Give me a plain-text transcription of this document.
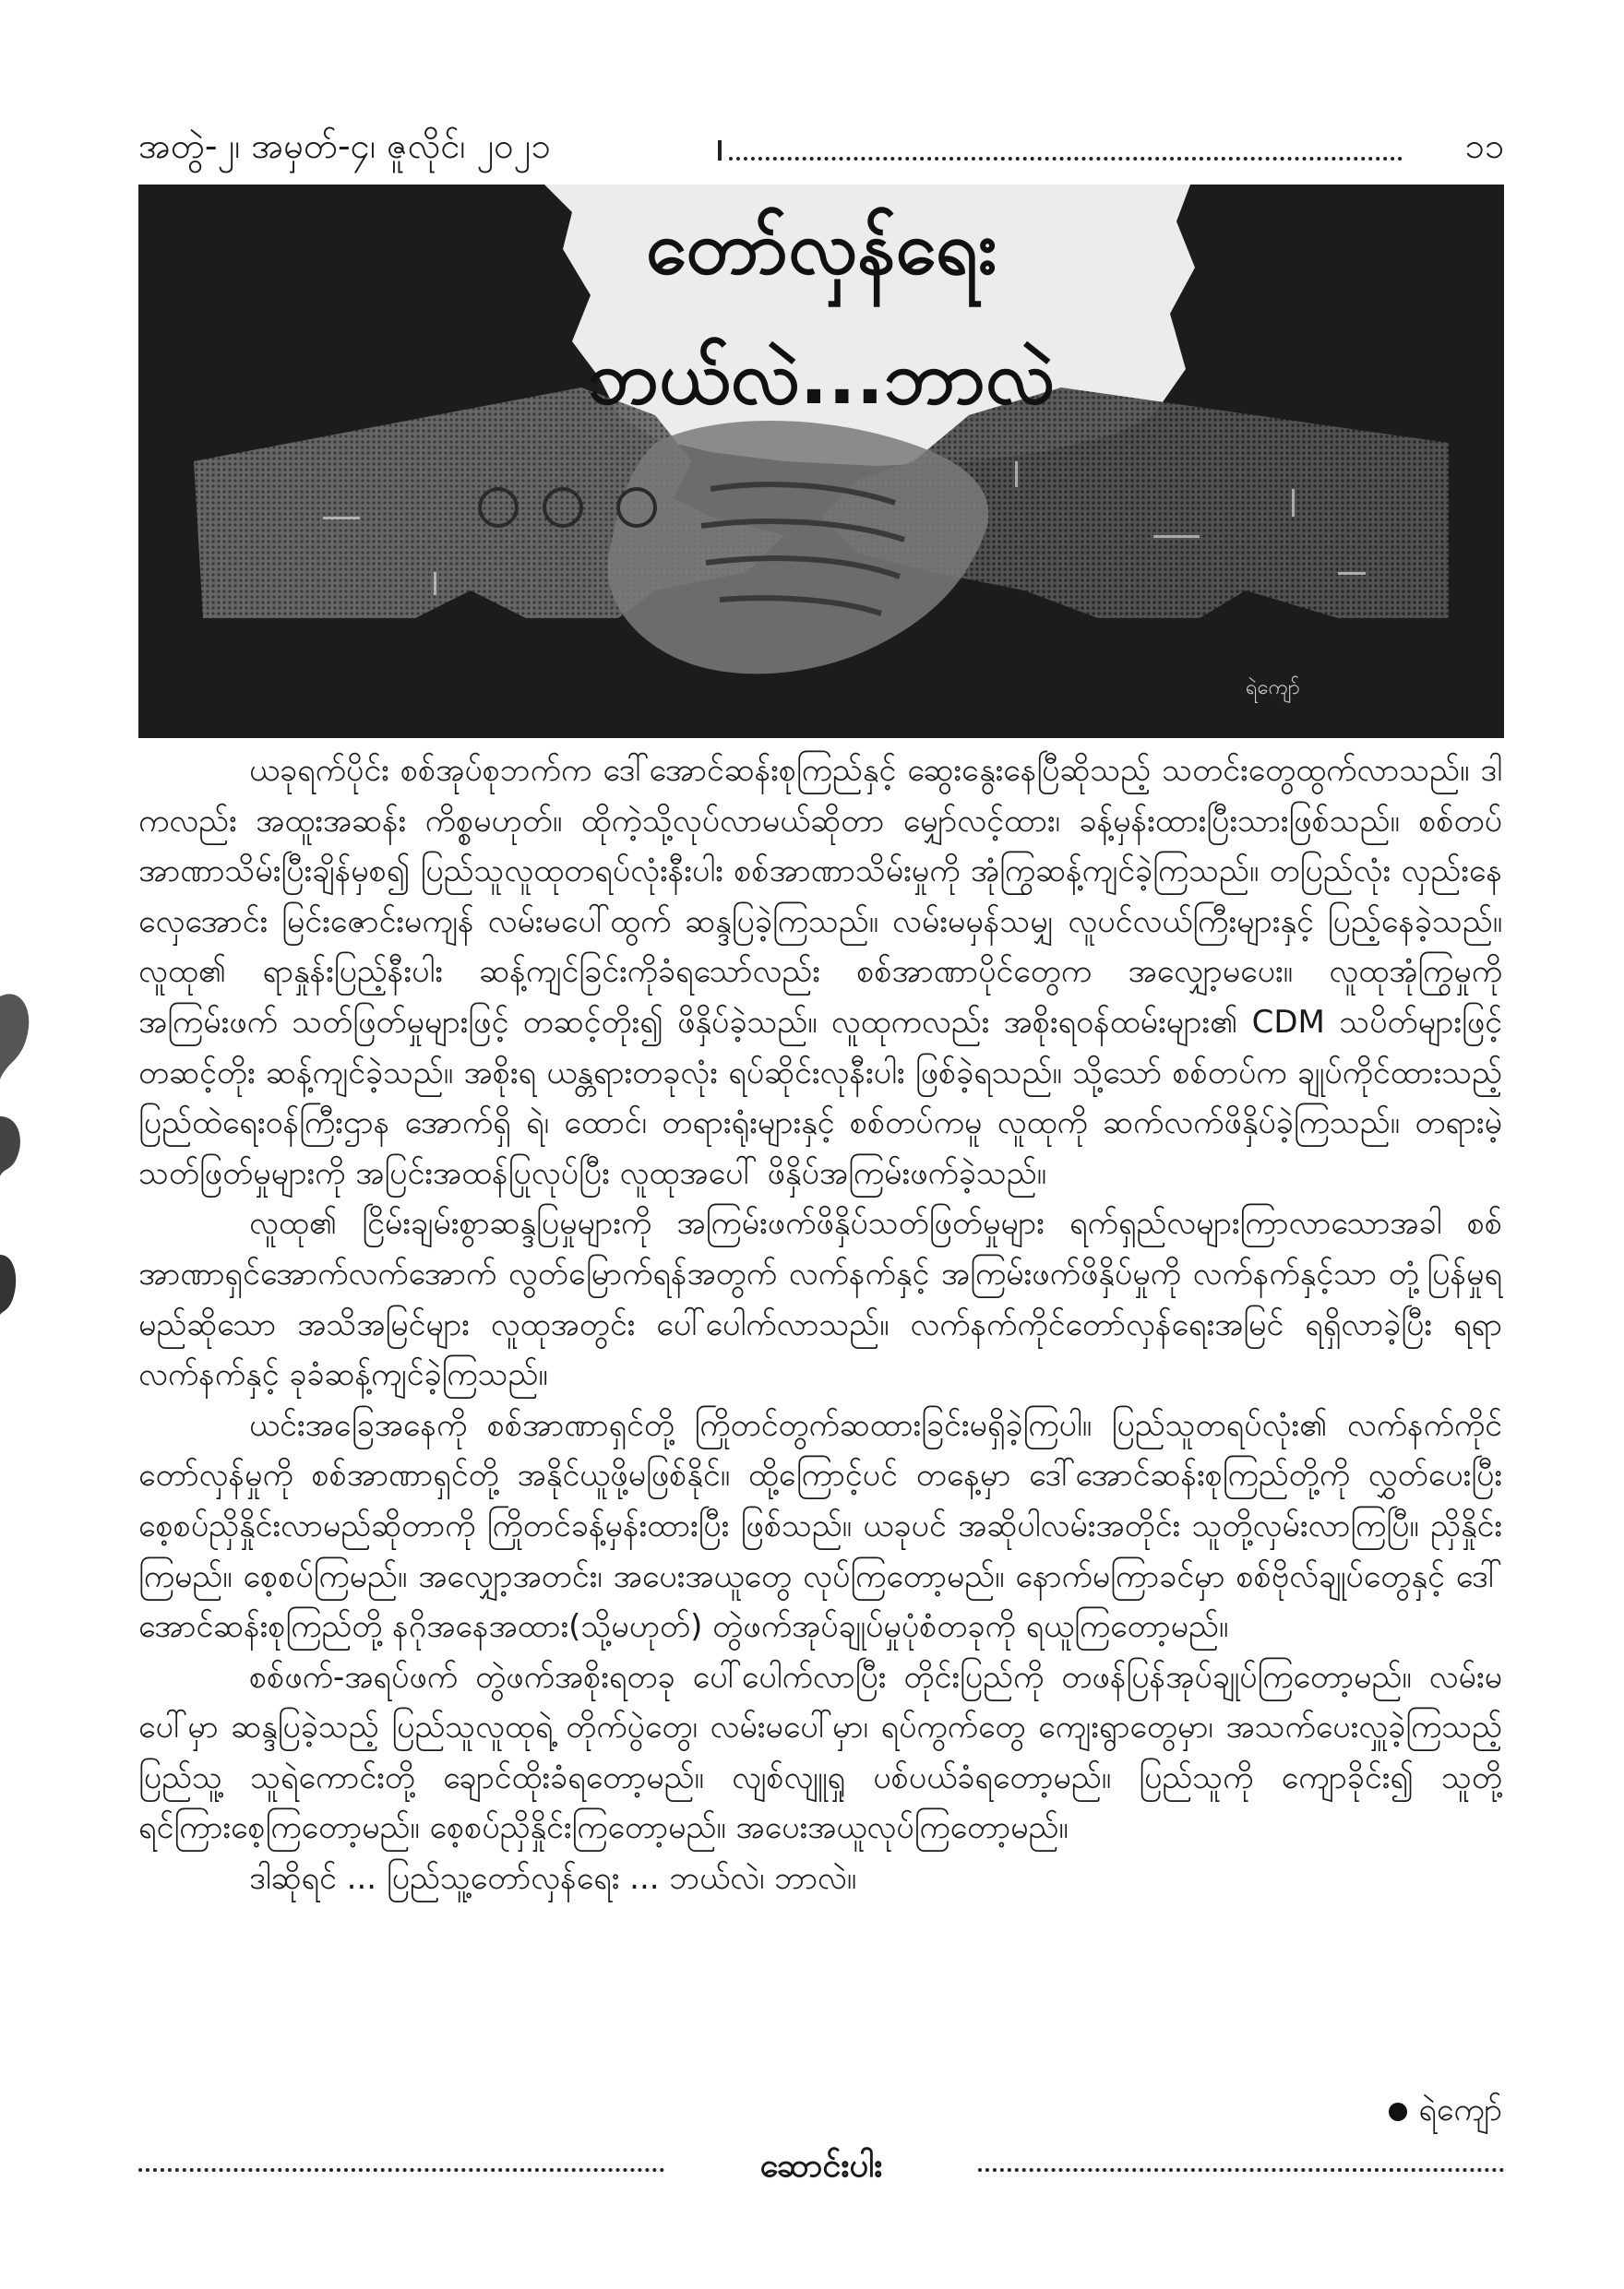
အတွဲ-၂၊ အမှတ်-၄၊ ဇူလိုင်၊ ၂၀၂၁	၁၁
တော်လှန်ရေး
ဘယ်လဲ...ဘာလဲ
ရဲကျော်

ယခုရက်ပိုင်း စစ်အုပ်စုဘက်က ဒေါ်အောင်ဆန်းစုကြည်နှင့် ဆွေးနွေးနေပြီဆိုသည့် သတင်းတွေထွက်လာသည်။ ဒါကလည်း အထူးအဆန်း ကိစ္စမဟုတ်။ ထိုကဲ့သို့လုပ်လာမယ်ဆိုတာ မျှော်လင့်ထား၊ ခန့်မှန်းထားပြီးသားဖြစ်သည်။ စစ်တပ်အာဏာသိမ်းပြီးချိန်မှစ၍ ပြည်သူလူထုတရပ်လုံးနီးပါး စစ်အာဏာသိမ်းမှုကို အုံကြွဆန့်ကျင်ခဲ့ကြသည်။ တပြည်လုံး လှည်းနေလှေအောင်း မြင်းဇောင်းမကျန် လမ်းမပေါ်ထွက် ဆန္ဒပြခဲ့ကြသည်။ လမ်းမမှန်သမျှ လူပင်လယ်ကြီးများနှင့် ပြည့်နေခဲ့သည်။ လူထု၏ ရာနှုန်းပြည့်နီးပါး ဆန့်ကျင်ခြင်းကိုခံရသော်လည်း စစ်အာဏာပိုင်တွေက အလျှော့မပေး။ လူထုအုံကြွမှုကို အကြမ်းဖက် သတ်ဖြတ်မှုများဖြင့် တဆင့်တိုး၍ ဖိနှိပ်ခဲ့သည်။ လူထုကလည်း အစိုးရဝန်ထမ်းများ၏ CDM သပိတ်များဖြင့် တဆင့်တိုး ဆန့်ကျင်ခဲ့သည်။ အစိုးရ ယန္တရားတခုလုံး ရပ်ဆိုင်းလုနီးပါး ဖြစ်ခဲ့ရသည်။ သို့သော် စစ်တပ်က ချုပ်ကိုင်ထားသည့် ပြည်ထဲရေးဝန်ကြီးဌာန အောက်ရှိ ရဲ၊ ထောင်၊ တရားရုံးများနှင့် စစ်တပ်ကမူ လူထုကို ဆက်လက်ဖိနှိပ်ခဲ့ကြသည်။ တရားမဲ့ သတ်ဖြတ်မှုများကို အပြင်းအထန်ပြုလုပ်ပြီး လူထုအပေါ် ဖိနှိပ်အကြမ်းဖက်ခဲ့သည်။

လူထု၏ ငြိမ်းချမ်းစွာဆန္ဒပြမှုများကို အကြမ်းဖက်ဖိနှိပ်သတ်ဖြတ်မှုများ ရက်ရှည်လများကြာလာသောအခါ စစ်အာဏာရှင်အောက်လက်အောက် လွတ်မြောက်ရန်အတွက် လက်နက်နှင့် အကြမ်းဖက်ဖိနှိပ်မှုကို လက်နက်နှင့်သာ တုံ့ပြန်မှုရမည်ဆိုသော အသိအမြင်များ လူထုအတွင်း ပေါ်ပေါက်လာသည်။ လက်နက်ကိုင်တော်လှန်ရေးအမြင် ရရှိလာခဲ့ပြီး ရရာလက်နက်နှင့် ခုခံဆန့်ကျင်ခဲ့ကြသည်။

ယင်းအခြေအနေကို စစ်အာဏာရှင်တို့ ကြိုတင်တွက်ဆထားခြင်းမရှိခဲ့ကြပါ။ ပြည်သူတရပ်လုံး၏ လက်နက်ကိုင်တော်လှန်မှုကို စစ်အာဏာရှင်တို့ အနိုင်ယူဖို့မဖြစ်နိုင်။ ထို့ကြောင့်ပင် တနေ့မှာ ဒေါ်အောင်ဆန်းစုကြည်တို့ကို လွှတ်ပေးပြီး စေ့စပ်ညှိနှိုင်းလာမည်ဆိုတာကို ကြိုတင်ခန့်မှန်းထားပြီး ဖြစ်သည်။ ယခုပင် အဆိုပါလမ်းအတိုင်း သူတို့လှမ်းလာကြပြီ။ ညှိနှိုင်းကြမည်။ စေ့စပ်ကြမည်။ အလျှော့အတင်း၊ အပေးအယူတွေ လုပ်ကြတော့မည်။ နောက်မကြာခင်မှာ စစ်ဗိုလ်ချုပ်တွေနှင့် ဒေါ်အောင်ဆန်းစုကြည်တို့ နဂိုအနေအထား(သို့မဟုတ်) တွဲဖက်အုပ်ချုပ်မှုပုံစံတခုကို ရယူကြတော့မည်။

စစ်ဖက်-အရပ်ဖက် တွဲဖက်အစိုးရတခု ပေါ်ပေါက်လာပြီး တိုင်းပြည်ကို တဖန်ပြန်အုပ်ချုပ်ကြတော့မည်။ လမ်းမပေါ်မှာ ဆန္ဒပြခဲ့သည့် ပြည်သူလူထုရဲ့ တိုက်ပွဲတွေ၊ လမ်းမပေါ်မှာ၊ ရပ်ကွက်တွေ ကျေးရွာတွေမှာ၊ အသက်ပေးလှူခဲ့ကြသည့် ပြည်သူ့ သူရဲကောင်းတို့ ချောင်ထိုးခံရတော့မည်။ လျစ်လျူရှု ပစ်ပယ်ခံရတော့မည်။ ပြည်သူကို ကျောခိုင်း၍ သူတို့ ရင်ကြားစေ့ကြတော့မည်။ စေ့စပ်ညှိနှိုင်းကြတော့မည်။ အပေးအယူလုပ်ကြတော့မည်။

ဒါဆိုရင် ... ပြည်သူ့တော်လှန်ရေး ... ဘယ်လဲ၊ ဘာလဲ။

ရဲကျော်
ဆောင်းပါး
